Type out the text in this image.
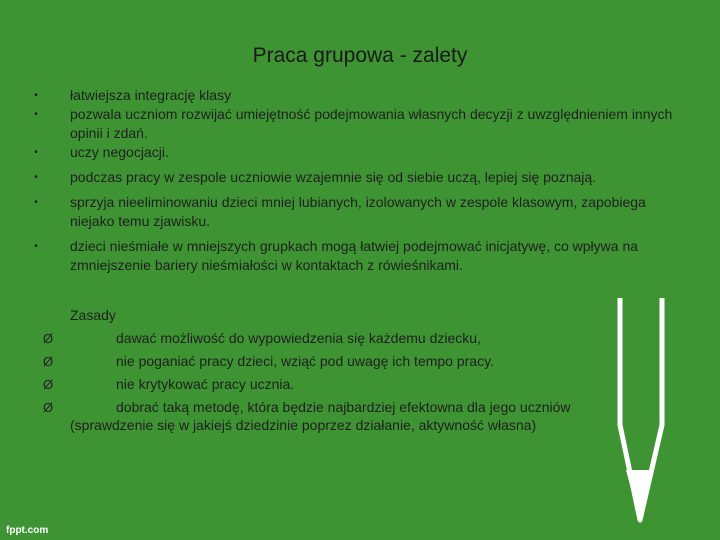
Praca grupowa - zalety
•	łatwiejsza integrację klasy
•	pozwala uczniom rozwijać umiejętność podejmowania własnych decyzji z uwzględnieniem innych opinii i zdań.
•	uczy negocjacji.
•	podczas pracy w zespole uczniowie wzajemnie się od siebie uczą, lepiej się poznają.
•	sprzyja nieeliminowaniu dzieci mniej lubianych, izolowanych w zespole klasowym, zapobiega niejako temu zjawisku.
•	dzieci nieśmiałe w mniejszych grupkach mogą łatwiej podejmować inicjatywę, co wpływa na zmniejszenie bariery nieśmiałości w kontaktach z rówieśnikami.
Zasady
Ø	dawać możliwość do wypowiedzenia się każdemu dziecku,
Ø	nie poganiać pracy dzieci, wziąć pod uwagę ich tempo pracy.
Ø	nie krytykować pracy ucznia.
Ø	dobrać taką metodę, która będzie najbardziej efektowna dla jego uczniów
(sprawdzenie się w jakiejś dziedzinie poprzez działanie, aktywność własna)
fppt.com
